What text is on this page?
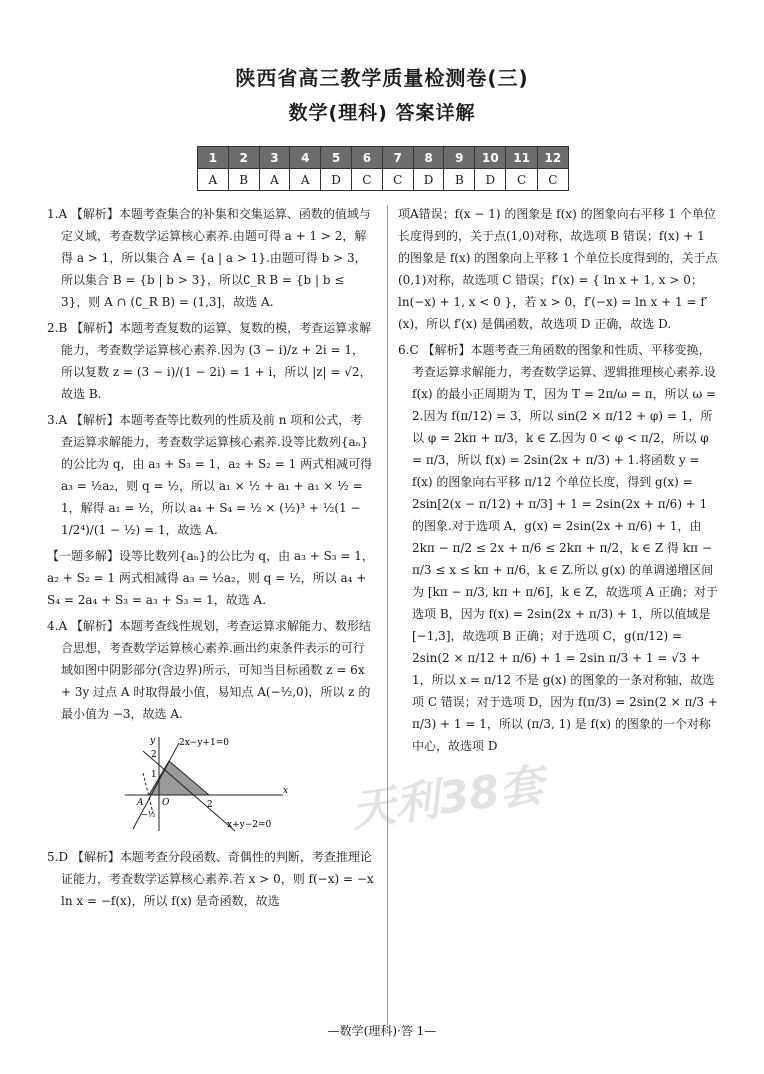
陕西省高三教学质量检测卷(三)
数学(理科) 答案详解
1	2	3	4	5	6	7	8	9	10	11	12
A	B	A	A	D	C	C	D	B	D	C	C

1.A 【解析】本题考查集合的补集和交集运算、函数的值域与定义域，考查数学运算核心素养.由题可得 a + 1 > 2，解得 a > 1，所以集合 A = {a | a > 1}.由题可得 b > 3，所以集合 B = {b | b > 3}，所以∁_R B = {b | b ≤ 3}，则 A ∩ (∁_R B) = (1,3]，故选 A.

2.B 【解析】本题考查复数的运算、复数的模，考查运算求解能力，考查数学运算核心素养.因为 (3 − i)/z + 2i = 1，所以复数 z = (3 − i)/(1 − 2i) = 1 + i，所以 |z| = √2，故选 B.

3.A 【解析】本题考查等比数列的性质及前 n 项和公式，考查运算求解能力，考查数学运算核心素养.设等比数列{aₙ}的公比为 q，由 a₃ + S₃ = 1，a₂ + S₂ = 1 两式相减可得 a₃ = ½a₂，则 q = ½，所以 a₁ × ½ + a₁ + a₁ × ½ = 1，解得 a₁ = ½，所以 a₄ + S₄ = ½ × (½)³ + ½(1 − 1/2⁴)/(1 − ½) = 1，故选 A.

【一题多解】设等比数列{aₙ}的公比为 q，由 a₃ + S₃ = 1，a₂ + S₂ = 1 两式相减得 a₃ = ½a₂，则 q = ½，所以 a₄ + S₄ = 2a₄ + S₃ = a₃ + S₃ = 1，故选 A.

4.A 【解析】本题考查线性规划，考查运算求解能力、数形结合思想，考查数学运算核心素养.画出约束条件表示的可行域如图中阴影部分(含边界)所示，可知当目标函数 z = 6x + 3y 过点 A 时取得最小值，易知点 A(−½,0)，所以 z 的最小值为 −3，故选 A.

2x−y+1=0
x+y−2=0
x
y
O
A
2
1
2
−½

5.D 【解析】本题考查分段函数、奇偶性的判断，考查推理论证能力，考查数学运算核心素养.若 x > 0，则 f(−x) = −x ln x = −f(x)，所以 f(x) 是奇函数，故选

项A错误；f(x − 1) 的图象是 f(x) 的图象向右平移 1 个单位长度得到的，关于点(1,0)对称，故选项 B 错误；f(x) + 1 的图象是 f(x) 的图象向上平移 1 个单位长度得到的，关于点(0,1)对称，故选项 C 错误；f′(x) = { ln x + 1, x > 0；ln(−x) + 1, x < 0 }，若 x > 0，f′(−x) = ln x + 1 = f′(x)，所以 f′(x) 是偶函数，故选项 D 正确，故选 D.

6.C 【解析】本题考查三角函数的图象和性质、平移变换，考查运算求解能力，考查数学运算、逻辑推理核心素养.设 f(x) 的最小正周期为 T，因为 T = 2π/ω = π，所以 ω = 2.因为 f(π/12) = 3，所以 sin(2 × π/12 + φ) = 1，所以 φ = 2kπ + π/3，k ∈ Z.因为 0 < φ < π/2，所以 φ = π/3，所以 f(x) = 2sin(2x + π/3) + 1.将函数 y = f(x) 的图象向右平移 π/12 个单位长度，得到 g(x) = 2sin[2(x − π/12) + π/3] + 1 = 2sin(2x + π/6) + 1 的图象.对于选项 A，g(x) = 2sin(2x + π/6) + 1，由 2kπ − π/2 ≤ 2x + π/6 ≤ 2kπ + π/2，k ∈ Z 得 kπ − π/3 ≤ x ≤ kπ + π/6，k ∈ Z.所以 g(x) 的单调递增区间为 [kπ − π/3, kπ + π/6]，k ∈ Z，故选项 A 正确；对于选项 B，因为 f(x) = 2sin(2x + π/3) + 1，所以值域是 [−1,3]，故选项 B 正确；对于选项 C，g(π/12) = 2sin(2 × π/12 + π/6) + 1 = 2sin π/3 + 1 = √3 + 1，所以 x = π/12 不是 g(x) 的图象的一条对称轴，故选项 C 错误；对于选项 D，因为 f(π/3) = 2sin(2 × π/3 + π/3) + 1 = 1，所以 (π/3, 1) 是 f(x) 的图象的一个对称中心，故选项 D

天利38套
—数学(理科)·答 1—
